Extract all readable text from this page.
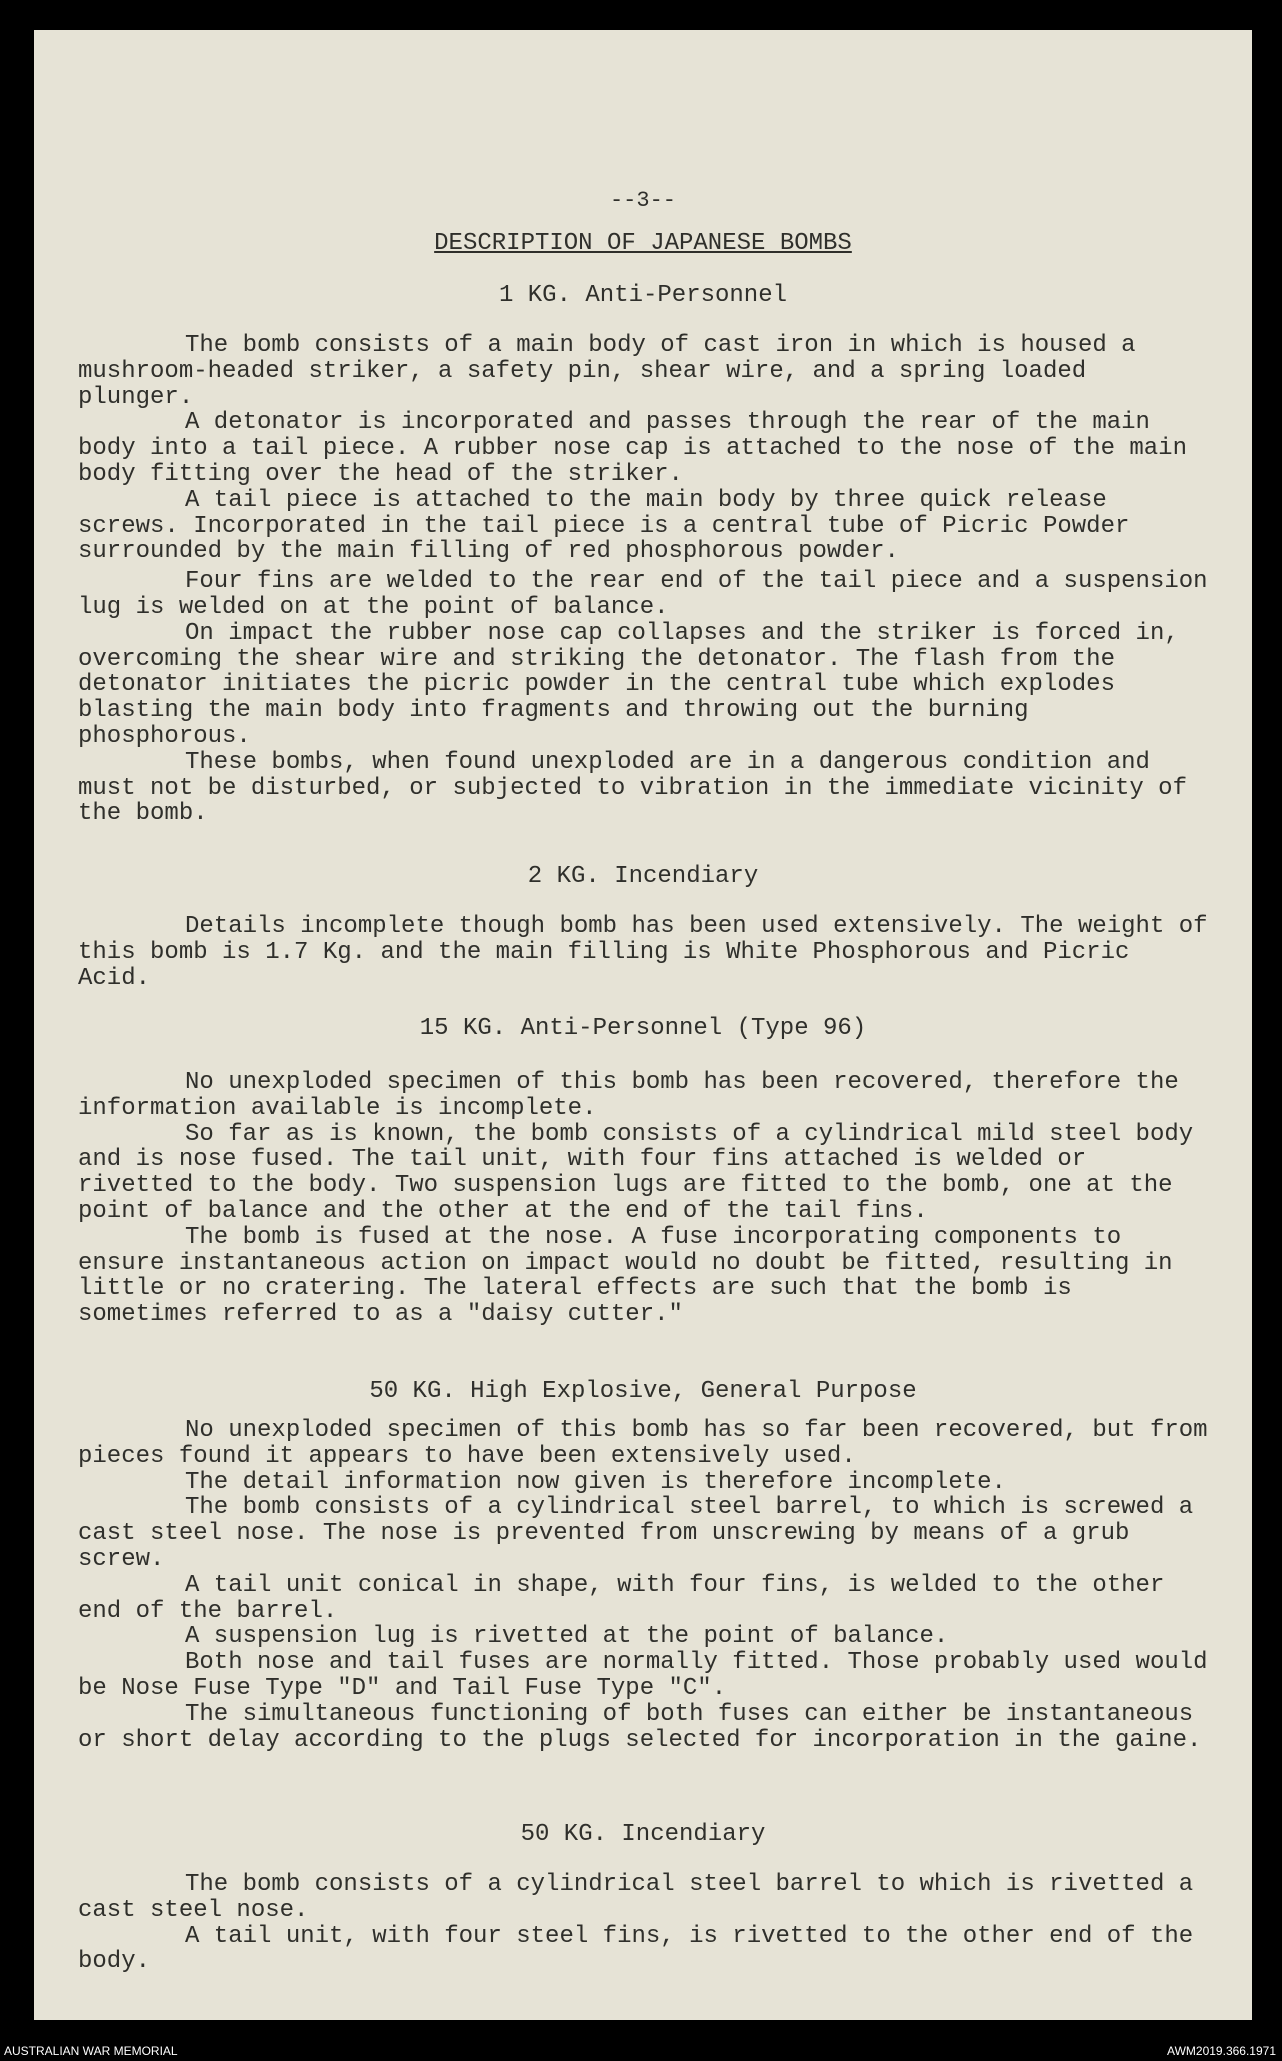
--3--
DESCRIPTION OF JAPANESE BOMBS
1 KG. Anti-Personnel

The bomb consists of a main body of cast iron in which is housed a mushroom-headed striker, a safety pin, shear wire, and a spring loaded plunger.

A detonator is incorporated and passes through the rear of the main body into a tail piece. A rubber nose cap is attached to the nose of the main body fitting over the head of the striker.

A tail piece is attached to the main body by three quick release screws. Incorporated in the tail piece is a central tube of Picric Powder surrounded by the main filling of red phosphorous powder.

Four fins are welded to the rear end of the tail piece and a suspension lug is welded on at the point of balance.

On impact the rubber nose cap collapses and the striker is forced in, overcoming the shear wire and striking the detonator. The flash from the detonator initiates the picric powder in the central tube which explodes blasting the main body into fragments and throwing out the burning phosphorous.

These bombs, when found unexploded are in a dangerous condition and must not be disturbed, or subjected to vibration in the immediate vicinity of the bomb.

2 KG. Incendiary

Details incomplete though bomb has been used extensively. The weight of this bomb is 1.7 Kg. and the main filling is White Phosphorous and Picric Acid.

15 KG. Anti-Personnel (Type 96)

No unexploded specimen of this bomb has been recovered, therefore the information available is incomplete.

So far as is known, the bomb consists of a cylindrical mild steel body and is nose fused. The tail unit, with four fins attached is welded or rivetted to the body. Two suspension lugs are fitted to the bomb, one at the point of balance and the other at the end of the tail fins.

The bomb is fused at the nose. A fuse incorporating components to ensure instantaneous action on impact would no doubt be fitted, resulting in little or no cratering. The lateral effects are such that the bomb is sometimes referred to as a "daisy cutter."

50 KG. High Explosive, General Purpose

No unexploded specimen of this bomb has so far been recovered, but from pieces found it appears to have been extensively used.

The detail information now given is therefore incomplete.

The bomb consists of a cylindrical steel barrel, to which is screwed a cast steel nose. The nose is prevented from unscrewing by means of a grub screw.

A tail unit conical in shape, with four fins, is welded to the other end of the barrel.

A suspension lug is rivetted at the point of balance.

Both nose and tail fuses are normally fitted. Those probably used would be Nose Fuse Type "D" and Tail Fuse Type "C".

The simultaneous functioning of both fuses can either be instantaneous or short delay according to the plugs selected for incorporation in the gaine.

50 KG. Incendiary

The bomb consists of a cylindrical steel barrel to which is rivetted a cast steel nose.

A tail unit, with four steel fins, is rivetted to the other end of the body.

AUSTRALIAN WAR MEMORIAL	AWM2019.366.1971
